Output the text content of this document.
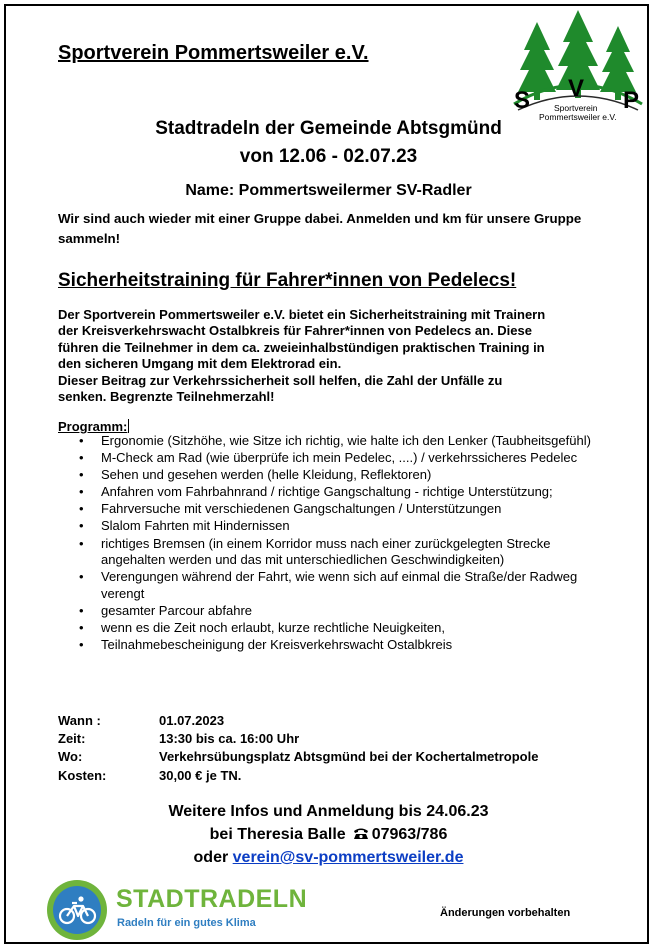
Sportverein Pommertsweiler e.V.
S V P
Sportverein
Pommertsweiler e.V.
Stadtradeln der Gemeinde Abtsgmünd
von 12.06 - 02.07.23
Name: Pommertsweilermer SV-Radler
Wir sind auch wieder mit einer Gruppe dabei. Anmelden und km für unsere Gruppe sammeln!
Sicherheitstraining für Fahrer*innen von Pedelecs!
Der Sportverein Pommertsweiler e.V. bietet ein Sicherheitstraining mit Trainern
der Kreisverkehrswacht Ostalbkreis für Fahrer*innen von Pedelecs an. Diese
führen die Teilnehmer in dem ca. zweieinhalbstündigen praktischen Training in
den sicheren Umgang mit dem Elektrorad ein.
Dieser Beitrag zur Verkehrssicherheit soll helfen, die Zahl der Unfälle zu
senken. Begrenzte Teilnehmerzahl!
Programm:
• Ergonomie (Sitzhöhe, wie Sitze ich richtig, wie halte ich den Lenker (Taubheitsgefühl)
• M-Check am Rad (wie überprüfe ich mein Pedelec, ....) / verkehrssicheres Pedelec
• Sehen und gesehen werden (helle Kleidung, Reflektoren)
• Anfahren vom Fahrbahnrand / richtige Gangschaltung - richtige Unterstützung;
• Fahrversuche mit verschiedenen Gangschaltungen / Unterstützungen
• Slalom Fahrten mit Hindernissen
• richtiges Bremsen (in einem Korridor muss nach einer zurückgelegten Strecke angehalten werden und das mit unterschiedlichen Geschwindigkeiten)
• Verengungen während der Fahrt, wie wenn sich auf einmal die Straße/der Radweg verengt
• gesamter Parcour abfahre
• wenn es die Zeit noch erlaubt, kurze rechtliche Neuigkeiten,
• Teilnahmebescheinigung der Kreisverkehrswacht Ostalbkreis
Wann :	01.07.2023
Zeit:	13:30 bis ca. 16:00 Uhr
Wo:	Verkehrsübungsplatz Abtsgmünd bei der Kochertalmetropole
Kosten:	30,00 € je TN.
Weitere Infos und Anmeldung bis 24.06.23
bei Theresia Balle 07963/786
oder verein@sv-pommertsweiler.de
STADTRADELN
Radeln für ein gutes Klima
Änderungen vorbehalten
